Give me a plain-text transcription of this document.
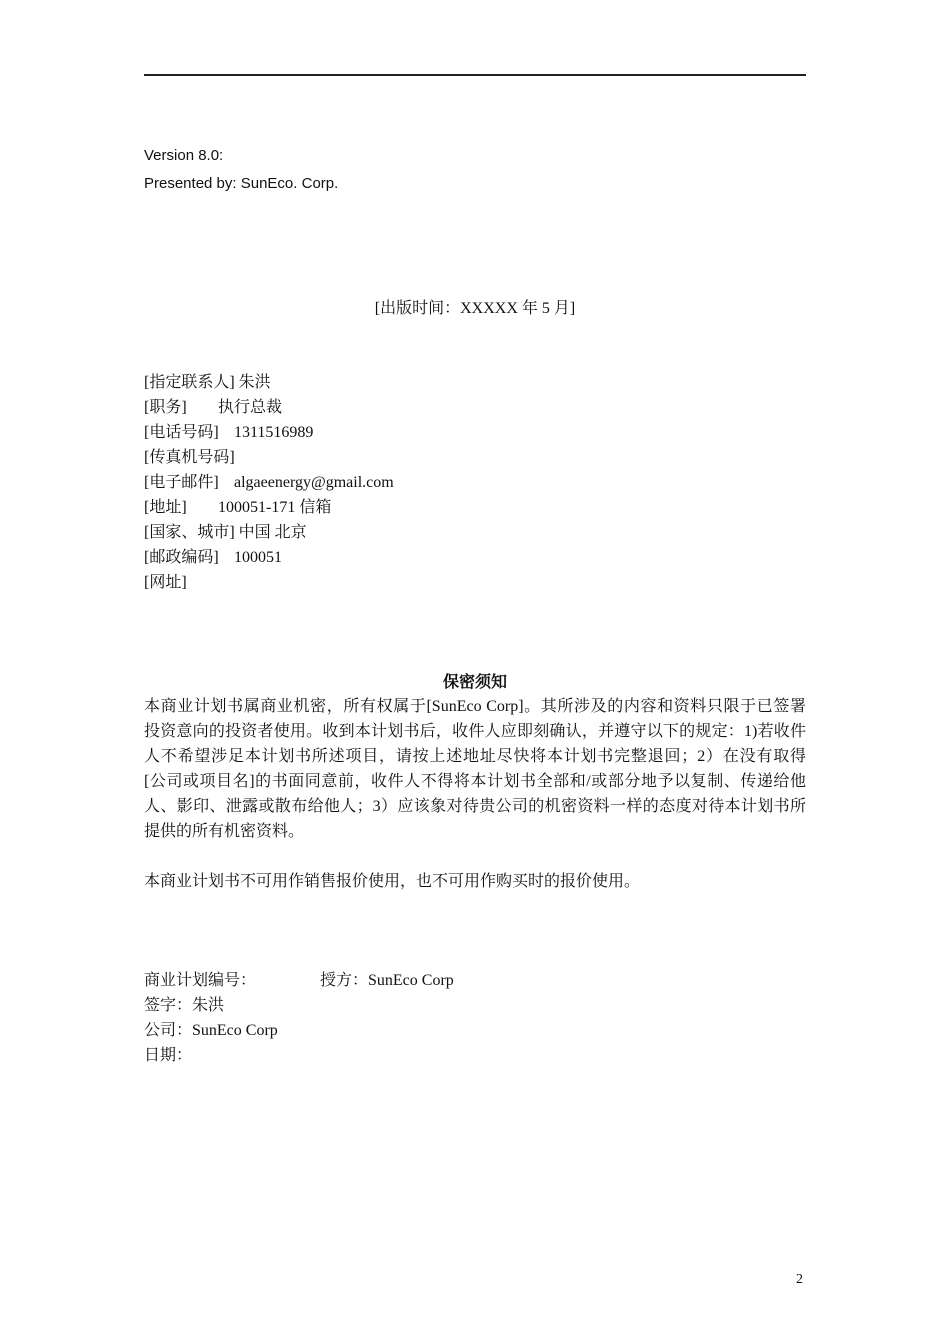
Version 8.0:
Presented by: SunEco. Corp.
[出版时间：XXXXX 年 5 月]
[指定联系人] 朱洪
[职务] 执行总裁
[电话号码] 1311516989
[传真机号码]
[电子邮件] algaeenergy@gmail.com
[地址] 100051-171 信箱
[国家、城市] 中国 北京
[邮政编码] 100051
[网址]
保密须知
本商业计划书属商业机密，所有权属于[SunEco Corp]。其所涉及的内容和资料只限于已签署
投资意向的投资者使用。收到本计划书后，收件人应即刻确认，并遵守以下的规定：1)若收件
人不希望涉足本计划书所述项目，请按上述地址尽快将本计划书完整退回；2）在没有取得
[公司或项目名]的书面同意前，收件人不得将本计划书全部和/或部分地予以复制、传递给他
人、影印、泄露或散布给他人；3）应该象对待贵公司的机密资料一样的态度对待本计划书所
提供的所有机密资料。
本商业计划书不可用作销售报价使用，也不可用作购买时的报价使用。
商业计划编号：	授方：SunEco Corp
签字：朱洪
公司：SunEco Corp
日期：
2
